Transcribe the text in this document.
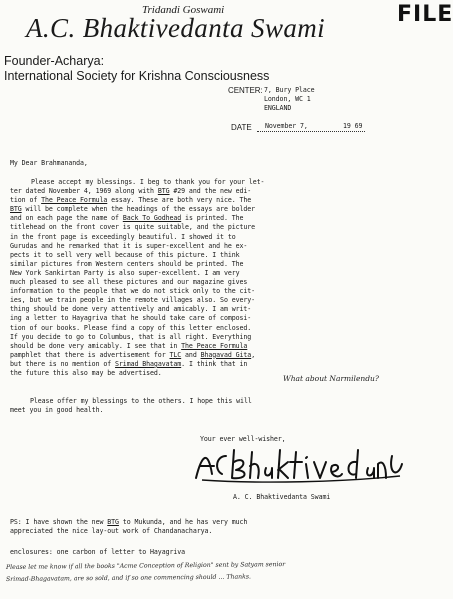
FILE
Tridandi Goswami
A.C. Bhaktivedanta Swami
Founder-Acharya:
International Society for Krishna Consciousness
CENTER: 7, Bury Place
London, WC 1
ENGLAND
DATE November 7,	19 69
My Dear Brahmananda,
Please accept my blessings. I beg to thank you for your let-
ter dated November 4, 1969 along with BTG #29 and the new edi-
tion of The Peace Formula essay. These are both very nice. The
BTG will be complete when the headings of the essays are bolder
and on each page the name of Back To Godhead is printed. The
titlehead on the front cover is quite suitable, and the picture
in the front page is exceedingly beautiful. I showed it to
Gurudas and he remarked that it is super-excellent and he ex-
pects it to sell very well because of this picture. I think
similar pictures from Western centers should be printed. The
New York Sankirtan Party is also super-excellent. I am very
much pleased to see all these pictures and our magazine gives
information to the people that we do not stick only to the cit-
ies, but we train people in the remote villages also. So every-
thing should be done very attentively and amicably. I am writ-
ing a letter to Hayagriva that he should take care of composi-
tion of our books. Please find a copy of this letter enclosed.
If you decide to go to Columbus, that is all right. Everything
should be done very amicably. I see that in The Peace Formula
pamphlet that there is advertisement for TLC and Bhagavad Gita,
but there is no mention of Srimad Bhagavatam. I think that in
the future this also may be advertised.
What about Narmilendu?
Please offer my blessings to the others. I hope this will
meet you in good health.
Your ever well-wisher,
A. C. Bhaktivedanta Swami
PS: I have shown the new BTG to Mukunda, and he has very much
appreciated the nice lay-out work of Chandanacharya.
enclosures: one carbon of letter to Hayagriva
Please let me know if all the books "Acme Conception of Religion" sent by Satyam senior
Srimad-Bhagavatam, are so sold, and if so one commencing should ... Thanks.
